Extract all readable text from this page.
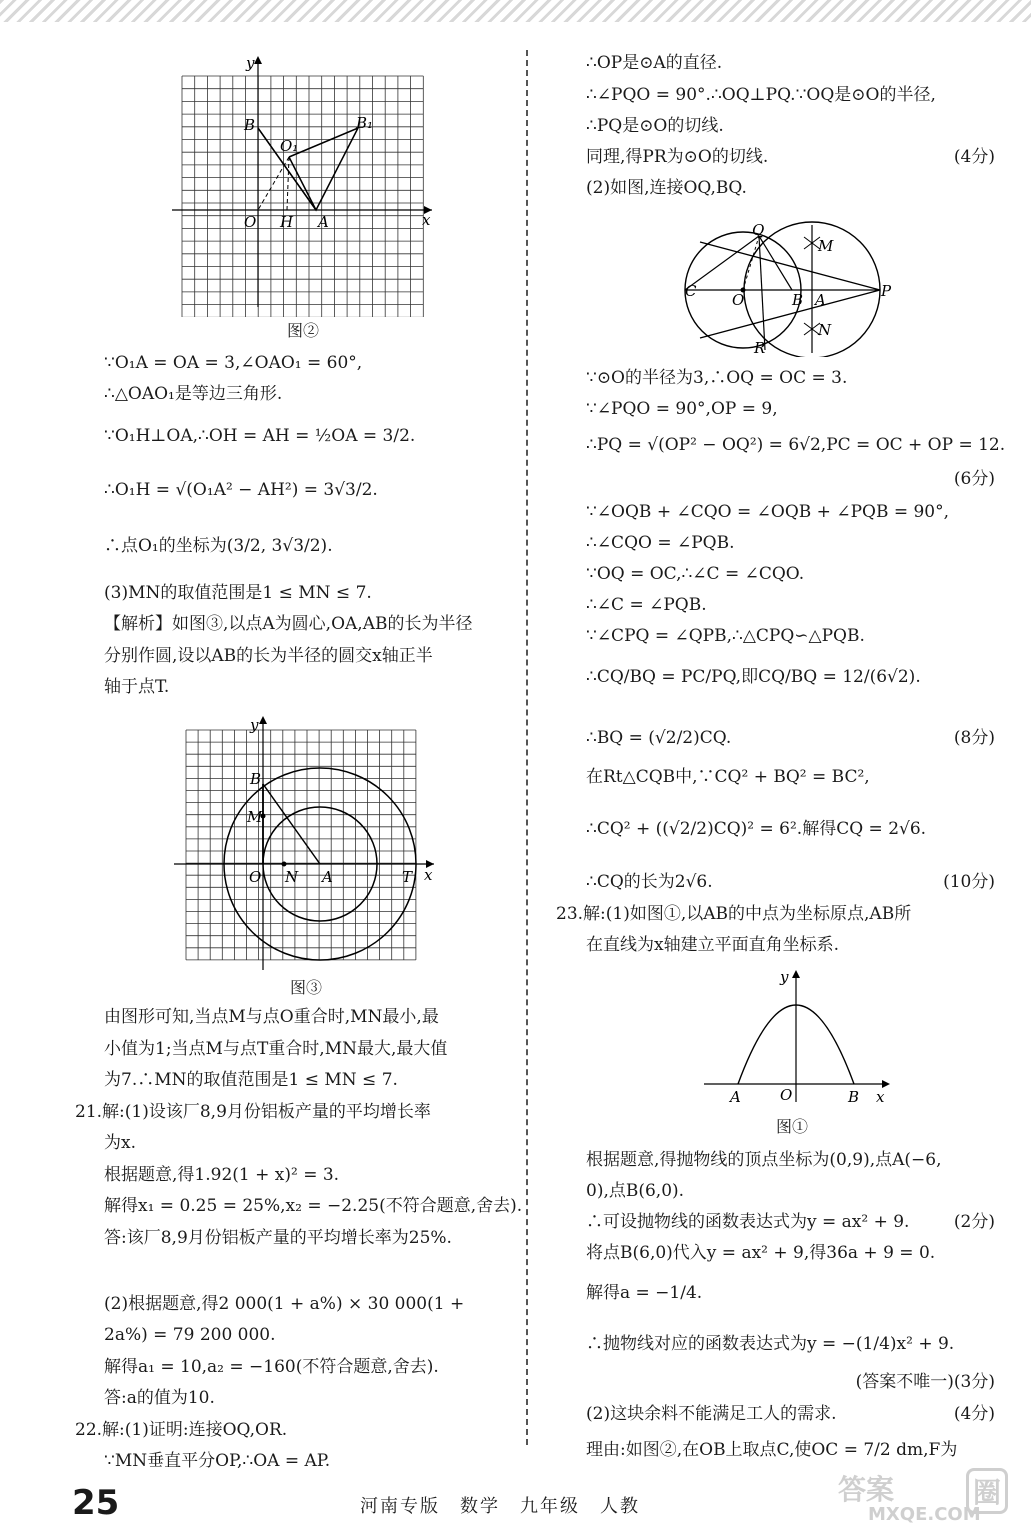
∵O₁A = OA = 3,∠OAO₁ = 60°,
∴△OAO₁是等边三角形.
∵O₁H⊥OA,∴OH = AH = ½OA = 3/2.
∴O₁H = √(O₁A² − AH²) = 3√3/2.
∴点O₁的坐标为(3/2, 3√3/2).
(3)MN的取值范围是1 ≤ MN ≤ 7.
【解析】如图③,以点A为圆心,OA,AB的长为半径
分别作圆,设以AB的长为半径的圆交x轴正半
轴于点T.
由图形可知,当点M与点O重合时,MN最小,最
小值为1;当点M与点T重合时,MN最大,最大值
为7.∴MN的取值范围是1 ≤ MN ≤ 7.
21.解:(1)设该厂8,9月份铝板产量的平均增长率
为x.
根据题意,得1.92(1 + x)² = 3.
解得x₁ = 0.25 = 25%,x₂ = −2.25(不符合题意,舍去).
答:该厂8,9月份铝板产量的平均增长率为25%.
(2)根据题意,得2 000(1 + a%) × 30 000(1 +
2a%) = 79 200 000.
解得a₁ = 10,a₂ = −160(不符合题意,舍去).
答:a的值为10.
22.解:(1)证明:连接OQ,OR.
∵MN垂直平分OP,∴OA = AP.
∴OP是⊙A的直径.
∴∠PQO = 90°.∴OQ⊥PQ.∵OQ是⊙O的半径,
∴PQ是⊙O的切线.
同理,得PR为⊙O的切线.	(4分)
(2)如图,连接OQ,BQ.
∵⊙O的半径为3,∴OQ = OC = 3.
∵∠PQO = 90°,OP = 9,
∴PQ = √(OP² − OQ²) = 6√2,PC = OC + OP = 12.
(6分)
∵∠OQB + ∠CQO = ∠OQB + ∠PQB = 90°,
∴∠CQO = ∠PQB.
∵OQ = OC,∴∠C = ∠CQO.
∴∠C = ∠PQB.
∵∠CPQ = ∠QPB,∴△CPQ∽△PQB.
∴CQ/BQ = PC/PQ,即CQ/BQ = 12/(6√2).
∴BQ = (√2/2)CQ.	(8分)
在Rt△CQB中,∵CQ² + BQ² = BC²,
∴CQ² + ((√2/2)CQ)² = 6².解得CQ = 2√6.
∴CQ的长为2√6.	(10分)
23.解:(1)如图①,以AB的中点为坐标原点,AB所
在直线为x轴建立平面直角坐标系.
根据题意,得抛物线的顶点坐标为(0,9),点A(−6,
0),点B(6,0).
∴可设抛物线的函数表达式为y = ax² + 9.	(2分)
将点B(6,0)代入y = ax² + 9,得36a + 9 = 0.
解得a = −1/4.
∴抛物线对应的函数表达式为y = −(1/4)x² + 9.
(答案不唯一)(3分)
(2)这块余料不能满足工人的需求.	(4分)
理由:如图②,在OB上取点C,使OC = 7/2 dm,F为
y
x
B
O₁
B₁
O H A
图②
y
x
B
M
O N A	T
图③
Q
M
C O	B A	P
N
R
y
x
A	O	B
图①
25	河南专版　数学　九年级　人教
答案	圈
MXQE.COM
